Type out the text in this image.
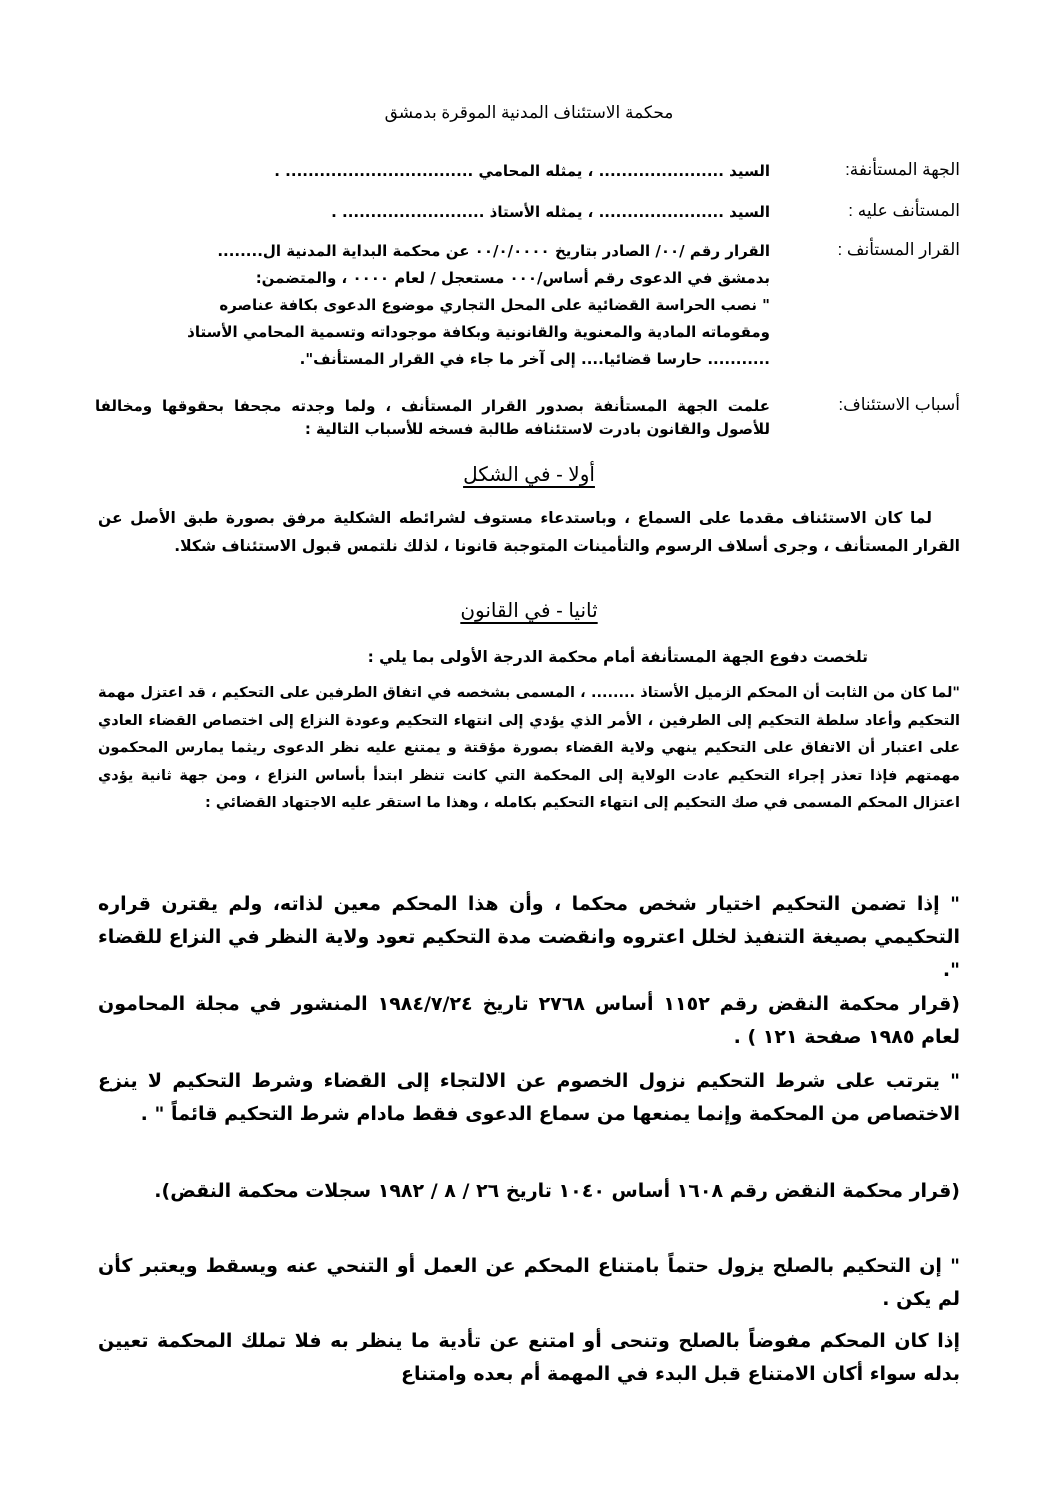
محكمة الاستئناف المدنية الموقرة بدمشق
الجهة المستأنفة:
السيد ...................... ، يمثله المحامي ................................. .
المستأنف عليه :
السيد ...................... ، يمثله الأستاذ ......................... .
القرار المستأنف :
القرار رقم /٠٠/ الصادر بتاريخ ٠٠/٠/٠٠٠٠ عن محكمة البداية المدنية ال........
بدمشق في الدعوى رقم أساس/٠٠٠ مستعجل / لعام ٠٠٠٠ ، والمتضمن:
" نصب الحراسة القضائية على المحل التجاري موضوع الدعوى بكافة عناصره
ومقوماته المادية والمعنوية والقانونية وبكافة موجوداته وتسمية المحامي الأستاذ
........... حارسا قضائيا.... إلى آخر ما جاء في القرار المستأنف".
أسباب الاستئناف:
علمت الجهة المستأنفة بصدور القرار المستأنف ، ولما وجدته مجحفا بحقوقها ومخالفا للأصول والقانون بادرت لاستئنافه طالبة فسخه للأسباب التالية :
أولا - في الشكل
لما كان الاستئناف مقدما على السماع ، وباستدعاء مستوف لشرائطه الشكلية مرفق بصورة طبق الأصل عن القرار المستأنف ، وجرى أسلاف الرسوم والتأمينات المتوجبة قانونا ، لذلك نلتمس قبول الاستئناف شكلا.
ثانيا - في القانون
تلخصت دفوع الجهة المستأنفة أمام محكمة الدرجة الأولى بما يلي :
"لما كان من الثابت أن المحكم الزميل الأستاذ ........ ، المسمى بشخصه في اتفاق الطرفين على التحكيم ، قد اعتزل مهمة التحكيم وأعاد سلطة التحكيم إلى الطرفين ، الأمر الذي يؤدي إلى انتهاء التحكيم وعودة النزاع إلى اختصاص القضاء العادي على اعتبار أن الاتفاق على التحكيم ينهي ولاية القضاء بصورة مؤقتة و يمتنع عليه نظر الدعوى ريثما يمارس المحكمون مهمتهم فإذا تعذر إجراء التحكيم عادت الولاية إلى المحكمة التي كانت تنظر ابتدأ بأساس النزاع ، ومن جهة ثانية يؤدي اعتزال المحكم المسمى في صك التحكيم إلى انتهاء التحكيم بكامله ، وهذا ما استقر عليه الاجتهاد القضائي :
" إذا تضمن التحكيم اختيار شخص محكما ، وأن هذا المحكم معين لذاته، ولم يقترن قراره التحكيمي بصيغة التنفيذ لخلل اعتروه وانقضت مدة التحكيم تعود ولاية النظر في النزاع للقضاء ".
(قرار محكمة النقض رقم ١١٥٢ أساس ٢٧٦٨ تاريخ ١٩٨٤/٧/٢٤ المنشور في مجلة المحامون لعام ١٩٨٥ صفحة ١٢١ ) .
" يترتب على شرط التحكيم نزول الخصوم عن الالتجاء إلى القضاء وشرط التحكيم لا ينزع الاختصاص من المحكمة وإنما يمنعها من سماع الدعوى فقط مادام شرط التحكيم قائماً " .
(قرار محكمة النقض رقم ١٦٠٨ أساس ١٠٤٠ تاريخ ٢٦ / ٨ / ١٩٨٢ سجلات محكمة النقض).
" إن التحكيم بالصلح يزول حتماً بامتناع المحكم عن العمل أو التنحي عنه ويسقط ويعتبر كأن لم يكن .
إذا كان المحكم مفوضاً بالصلح وتنحى أو امتنع عن تأدية ما ينظر به فلا تملك المحكمة تعيين بدله سواء أكان الامتناع قبل البدء في المهمة أم بعده وامتناع
